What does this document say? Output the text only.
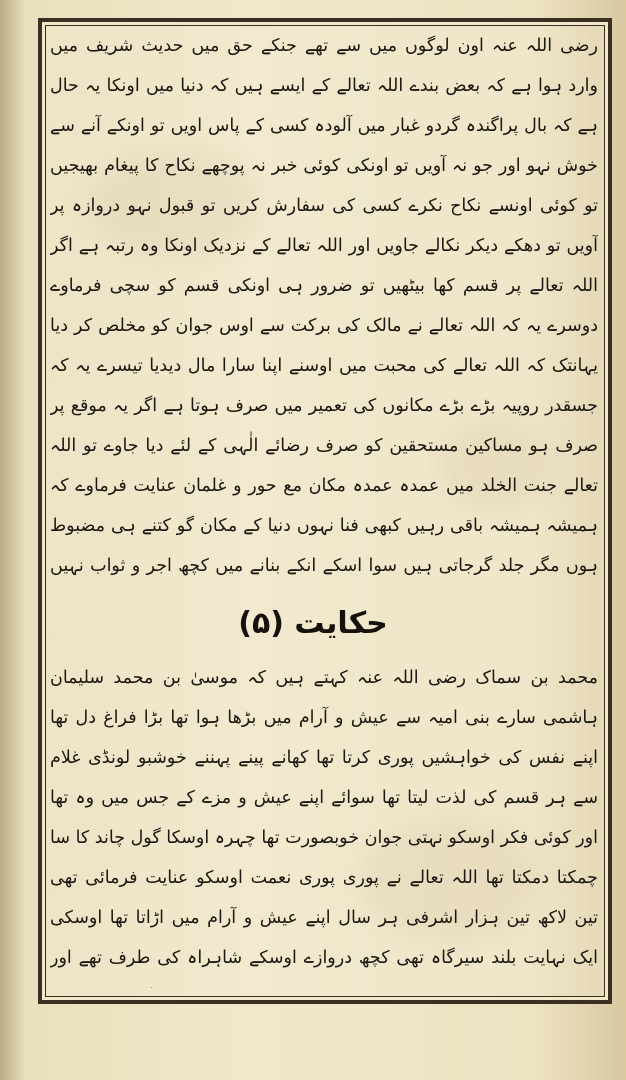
رضی اللہ عنہ اون لوگوں میں سے تھے جنکے حق میں حدیث شریف میں وارد ہوا ہے کہ بعض بندے اللہ تعالے کے ایسے ہیں کہ دنیا میں اونکا یہ حال ہے کہ بال پراگندہ گردو غبار میں آلودہ کسی کے پاس اویں تو اونکے آنے سے خوش نہو اور جو نہ آویں تو اونکی کوئی خبر نہ پوچھے نکاح کا پیغام بھیجیں تو کوئی اونسے نکاح نکرے کسی کی سفارش کریں تو قبول نہو دروازہ پر آویں تو دھکے دیکر نکالے جاویں اور اللہ تعالے کے نزدیک اونکا وہ رتبہ ہے اگر اللہ تعالے پر قسم کھا بیٹھیں تو ضرور ہی اونکی قسم کو سچی فرماوے دوسرے یہ کہ اللہ تعالے نے مالک کی برکت سے اوس جوان کو مخلص کر دیا یہانتک کہ اللہ تعالے کی محبت میں اوسنے اپنا سارا مال دیدیا تیسرے یہ کہ جسقدر روپیہ بڑے بڑے مکانوں کی تعمیر میں صرف ہوتا ہے اگر یہ موقع پر صرف ہو مساکین مستحقین کو صرف رضائے الٰہی کے لئے دیا جاوے تو اللہ تعالے جنت الخلد میں عمدہ عمدہ مکان مع حور و غلمان عنایت فرماوے کہ ہمیشہ ہمیشہ باقی رہیں کبھی فنا نہوں دنیا کے مکان گو کتنے ہی مضبوط ہوں مگر جلد گرجاتی ہیں سوا اسکے انکے بنانے میں کچھ اجر و ثواب نہیں
حکایت (۵)
محمد بن سماک رضی اللہ عنہ کہتے ہیں کہ موسیٰ بن محمد سلیمان ہاشمی سارے بنی امیہ سے عیش و آرام میں بڑھا ہوا تھا بڑا فراغ دل تھا اپنے نفس کی خواہشیں پوری کرتا تھا کھانے پینے پہننے خوشبو لونڈی غلام سے ہر قسم کی لذت لیتا تھا سوائے اپنے عیش و مزے کے جس میں وہ تھا اور کوئی فکر اوسکو نہتی جوان خوبصورت تھا چہرہ اوسکا گول چاند کا سا چمکتا دمکتا تھا اللہ تعالے نے پوری پوری نعمت اوسکو عنایت فرمائی تھی تین لاکھ تین ہزار اشرفی ہر سال اپنے عیش و آرام میں اڑاتا تھا اوسکی ایک نہایت بلند سیرگاہ تھی کچھ دروازے اوسکے شاہراہ کی طرف تھے اور
